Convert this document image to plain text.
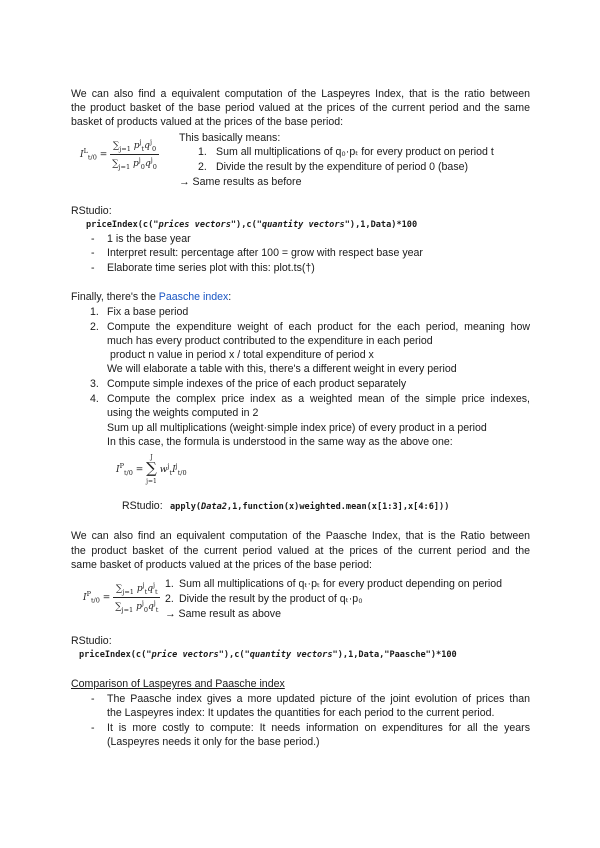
We can also find a equivalent computation of the Laspeyres Index, that is the ratio between
the product basket of the base period valued at the prices of the current period and the same
basket of products valued at the prices of the base period:
$I^L_{t/0} = \frac{\sum_{j=1} p^j_tq^j_0}{\sum_{j=1} p^j_0q^j_0}$ This basically means:
1. Sum all multiplications of q₀·pₜ for every product on period t
2. Divide the result by the expenditure of period 0 (base)
→ Same results as before
RStudio:
priceIndex(c("prices vectors"),c("quantity vectors"),1,Data)*100
- 1 is the base year
- Interpret result: percentage after 100 = grow with respect base year
- Elaborate time series plot with this: plot.ts(†)
Finally, there's the Paasche index:
1. Fix a base period
2. Compute the expenditure weight of each product for the each period, meaning how
much has every product contributed to the expenditure in each period
product n value in period x / total expenditure of period x
We will elaborate a table with this, there's a different weight in every period
3. Compute simple indexes of the price of each product separately
4. Compute the complex price index as a weighted mean of the simple price indexes,
using the weights computed in 2
Sum up all multiplications (weight·simple index price) of every product in a period
In this case, the formula is understood in the same way as the above one:
$I^P_{t/0} = J$
∑
j=1 $w^j_tI^j_{t/0}$
RStudio: apply(Data2,1,function(x)weighted.mean(x[1:3],x[4:6]))
We can also find an equivalent computation of the Paasche Index, that is the Ratio between
the product basket of the current period valued at the prices of the current period and the
same basket of products valued at the prices of the base period:
$I^P_{t/0} = \frac{\sum_{j=1} p^j_tq^j_t}{\sum_{j=1} p^j_0q^j_t} 1$. Sum all multiplications of qₜ·pₜ for every product depending on period
2. Divide the result by the product of qₜ·p₀
→ Same result as above
RStudio:
priceIndex(c("price vectors"),c("quantity vectors"),1,Data,"Paasche")*100
Comparison of Laspeyres and Paasche index
- The Paasche index gives a more updated picture of the joint evolution of prices than
the Laspeyres index: It updates the quantities for each period to the current period.
- It is more costly to compute: It needs information on expenditures for all the years
(Laspeyres needs it only for the base period.)
